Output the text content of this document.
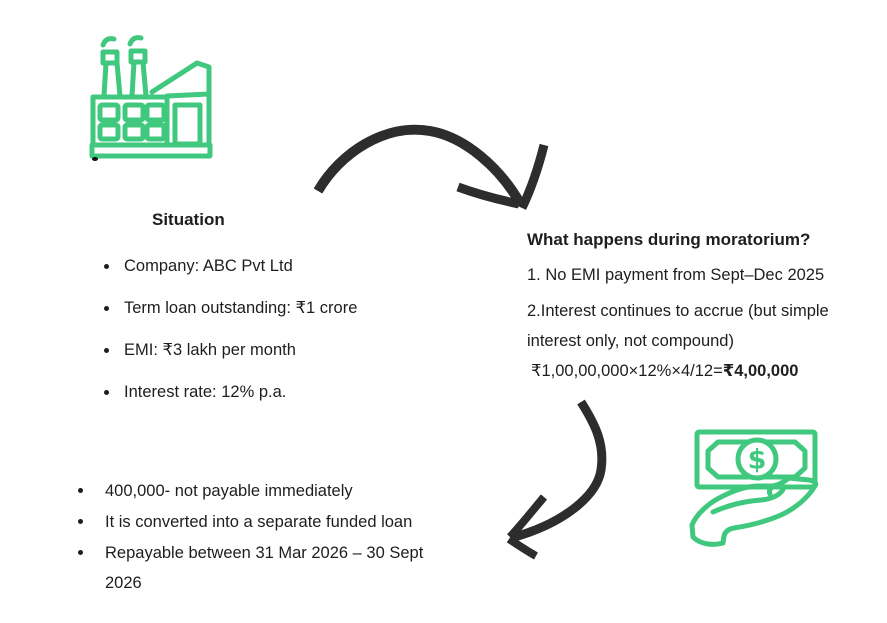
Situation
Company: ABC Pvt Ltd
Term loan outstanding: ₹1 crore
EMI: ₹3 lakh per month
Interest rate: 12% p.a.
What happens during moratorium?
1. No EMI payment from Sept–Dec 2025
2.Interest continues to accrue (but simple interest only, not compound)
₹1,00,00,000×12%×4/12=₹4,00,000
$
400,000- not payable immediately
It is converted into a separate funded loan
Repayable between 31 Mar 2026 – 30 Sept 2026
